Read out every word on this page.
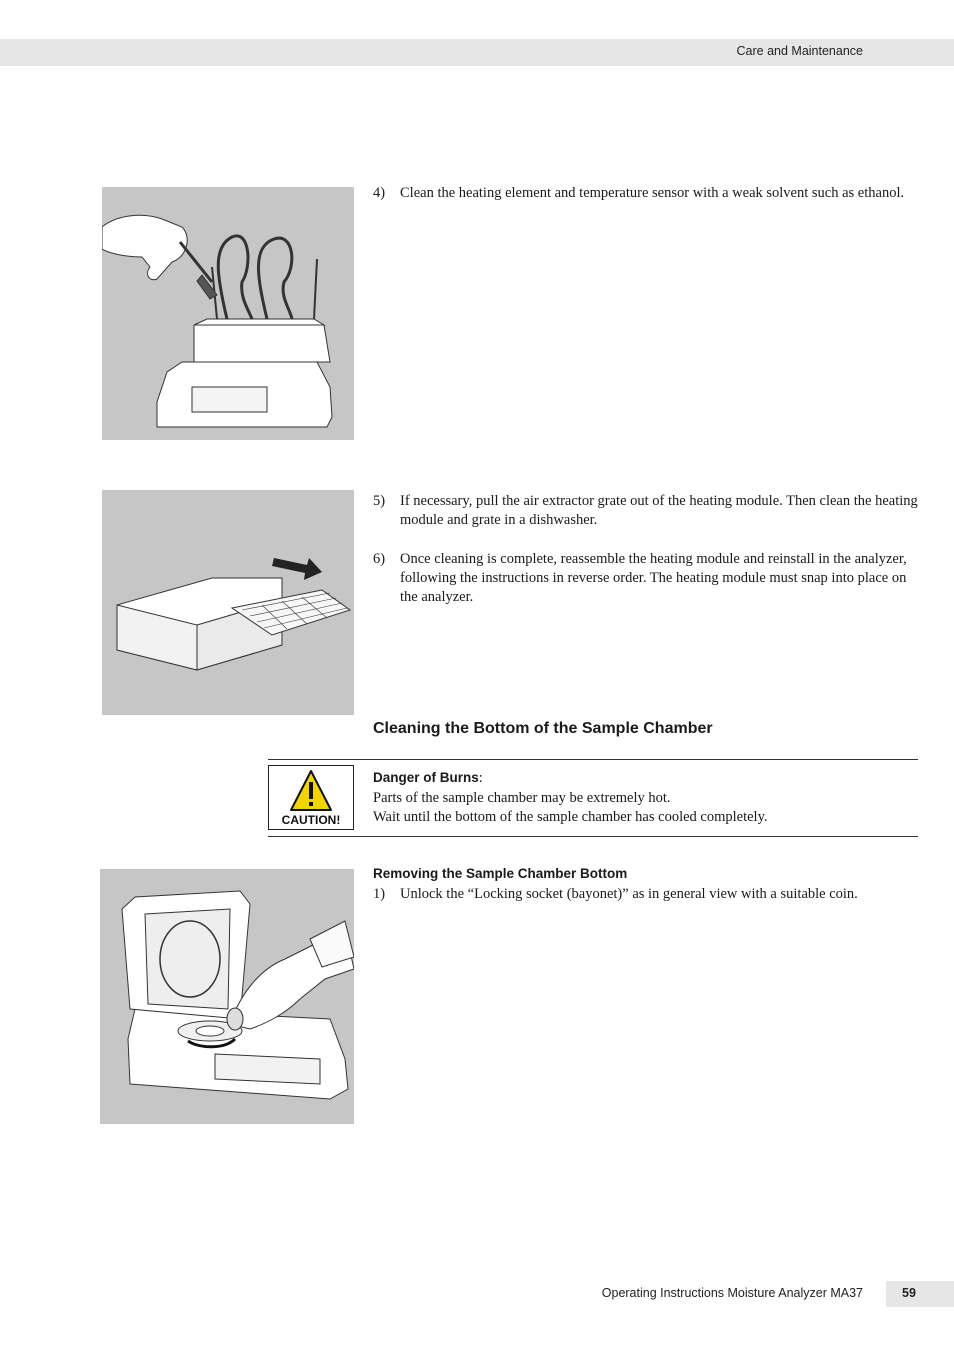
Care and Maintenance
4) Clean the heating element and temperature sensor with a weak solvent such as ethanol.
5) If necessary, pull the air extractor grate out of the heating module. Then clean the heating module and grate in a dishwasher.
6) Once cleaning is complete, reassemble the heating module and reinstall in the analyzer, following the instructions in reverse order. The heating module must snap into place on the analyzer.
Cleaning the Bottom of the Sample Chamber
CAUTION!
Danger of Burns:
Parts of the sample chamber may be extremely hot.
Wait until the bottom of the sample chamber has cooled completely.
Removing the Sample Chamber Bottom
1) Unlock the “Locking socket (bayonet)” as in general view with a suitable coin.
Operating Instructions Moisture Analyzer MA37	59
